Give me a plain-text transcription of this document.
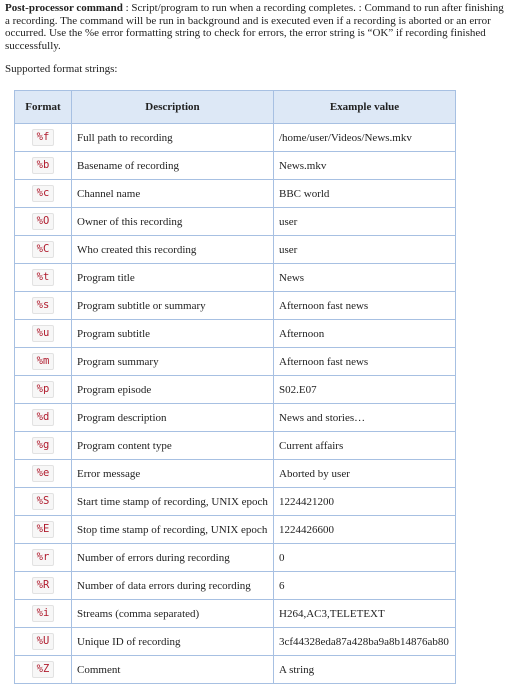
Post-processor command : Script/program to run when a recording completes. : Command to run after finishing a recording. The command will be run in background and is executed even if a recording is aborted or an error occurred. Use the %e error formatting string to check for errors, the error string is “OK” if recording finished successfully.

Supported format strings:

Format	Description	Example value
%f	Full path to recording	/home/user/Videos/News.mkv
%b	Basename of recording	News.mkv
%c	Channel name	BBC world
%O	Owner of this recording	user
%C	Who created this recording	user
%t	Program title	News
%s	Program subtitle or summary	Afternoon fast news
%u	Program subtitle	Afternoon
%m	Program summary	Afternoon fast news
%p	Program episode	S02.E07
%d	Program description	News and stories…
%g	Program content type	Current affairs
%e	Error message	Aborted by user
%S	Start time stamp of recording, UNIX epoch	1224421200
%E	Stop time stamp of recording, UNIX epoch	1224426600
%r	Number of errors during recording	0
%R	Number of data errors during recording	6
%i	Streams (comma separated)	H264,AC3,TELETEXT
%U	Unique ID of recording	3cf44328eda87a428ba9a8b14876ab80
%Z	Comment	A string
